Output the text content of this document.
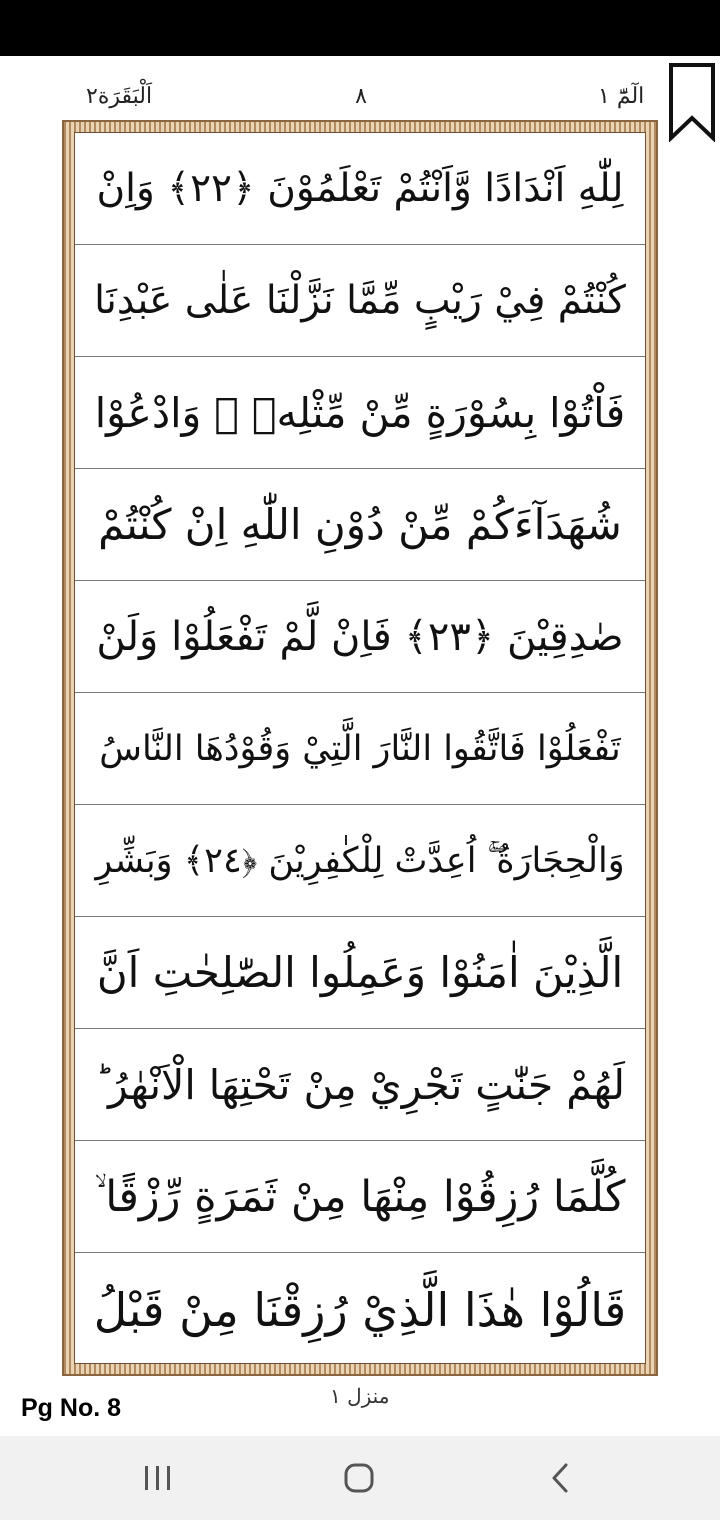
اَلْبَقَرَة٢	٨	الٓمّٓ ١
لِلّٰهِ اَنْدَادًا وَّاَنْتُمْ تَعْلَمُوْنَ ﴿٢٢﴾ وَاِنْ
كُنْتُمْ فِيْ رَيْبٍ مِّمَّا نَزَّلْنَا عَلٰى عَبْدِنَا
فَاْتُوْا بِسُوْرَةٍ مِّنْ مِّثْلِهٖ ۪ وَادْعُوْا
شُهَدَآءَكُمْ مِّنْ دُوْنِ اللّٰهِ اِنْ كُنْتُمْ
صٰدِقِيْنَ ﴿٢٣﴾ فَاِنْ لَّمْ تَفْعَلُوْا وَلَنْ
تَفْعَلُوْا فَاتَّقُوا النَّارَ الَّتِيْ وَقُوْدُهَا النَّاسُ
وَالْحِجَارَةُ ۚۖ اُعِدَّتْ لِلْكٰفِرِيْنَ ﴿٢٤﴾ وَبَشِّرِ
الَّذِيْنَ اٰمَنُوْا وَعَمِلُوا الصّٰلِحٰتِ اَنَّ
لَهُمْ جَنّٰتٍ تَجْرِيْ مِنْ تَحْتِهَا الْاَنْهٰرُ ؕ
كُلَّمَا رُزِقُوْا مِنْهَا مِنْ ثَمَرَةٍ رِّزْقًا ۙ
قَالُوْا هٰذَا الَّذِيْ رُزِقْنَا مِنْ قَبْلُ
Pg No. 8	منزل ١
